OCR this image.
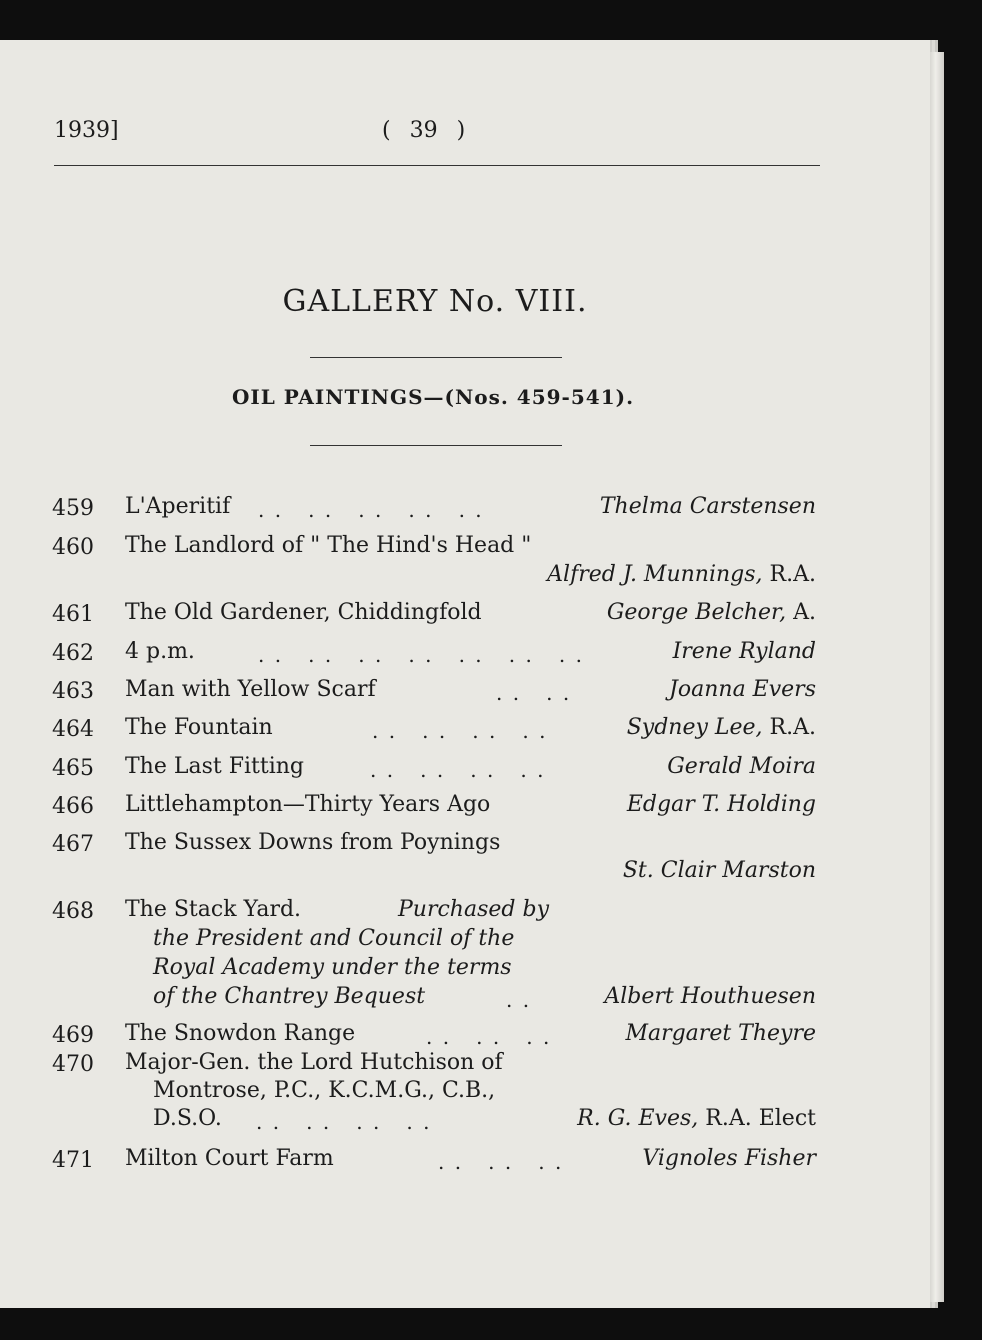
1939]	( 39 )
GALLERY No. VIII.
OIL PAINTINGS—(Nos. 459-541).
459 L'Aperitif . .   . .   . .   . .   . .	Thelma Carstensen
460 The Landlord of " The Hind's Head "
Alfred J. Munnings, R.A.
461 The Old Gardener, Chiddingfold	George Belcher, A.
462 4 p.m.	. .   . .   . .   . .   . .   . .   . .	Irene Ryland
463 Man with Yellow Scarf	. .   . .	Joanna Evers
464 The Fountain	. .   . .   . .   . .	Sydney Lee, R.A.
465 The Last Fitting	. .   . .   . .   . .	Gerald Moira
466 Littlehampton—Thirty Years Ago	Edgar T. Holding
467 The Sussex Downs from Poynings
St. Clair Marston
468 The Stack Yard.	Purchased by
the President and Council of the
Royal Academy under the terms
of the Chantrey Bequest	. .	Albert Houthuesen
469 The Snowdon Range	. .   . .   . .	Margaret Theyre
470 Major-Gen. the Lord Hutchison of
Montrose, P.C., K.C.M.G., C.B.,
D.S.O. . .   . .   . .   . .	R. G. Eves, R.A. Elect
471 Milton Court Farm	. .   . .   . .	Vignoles Fisher
